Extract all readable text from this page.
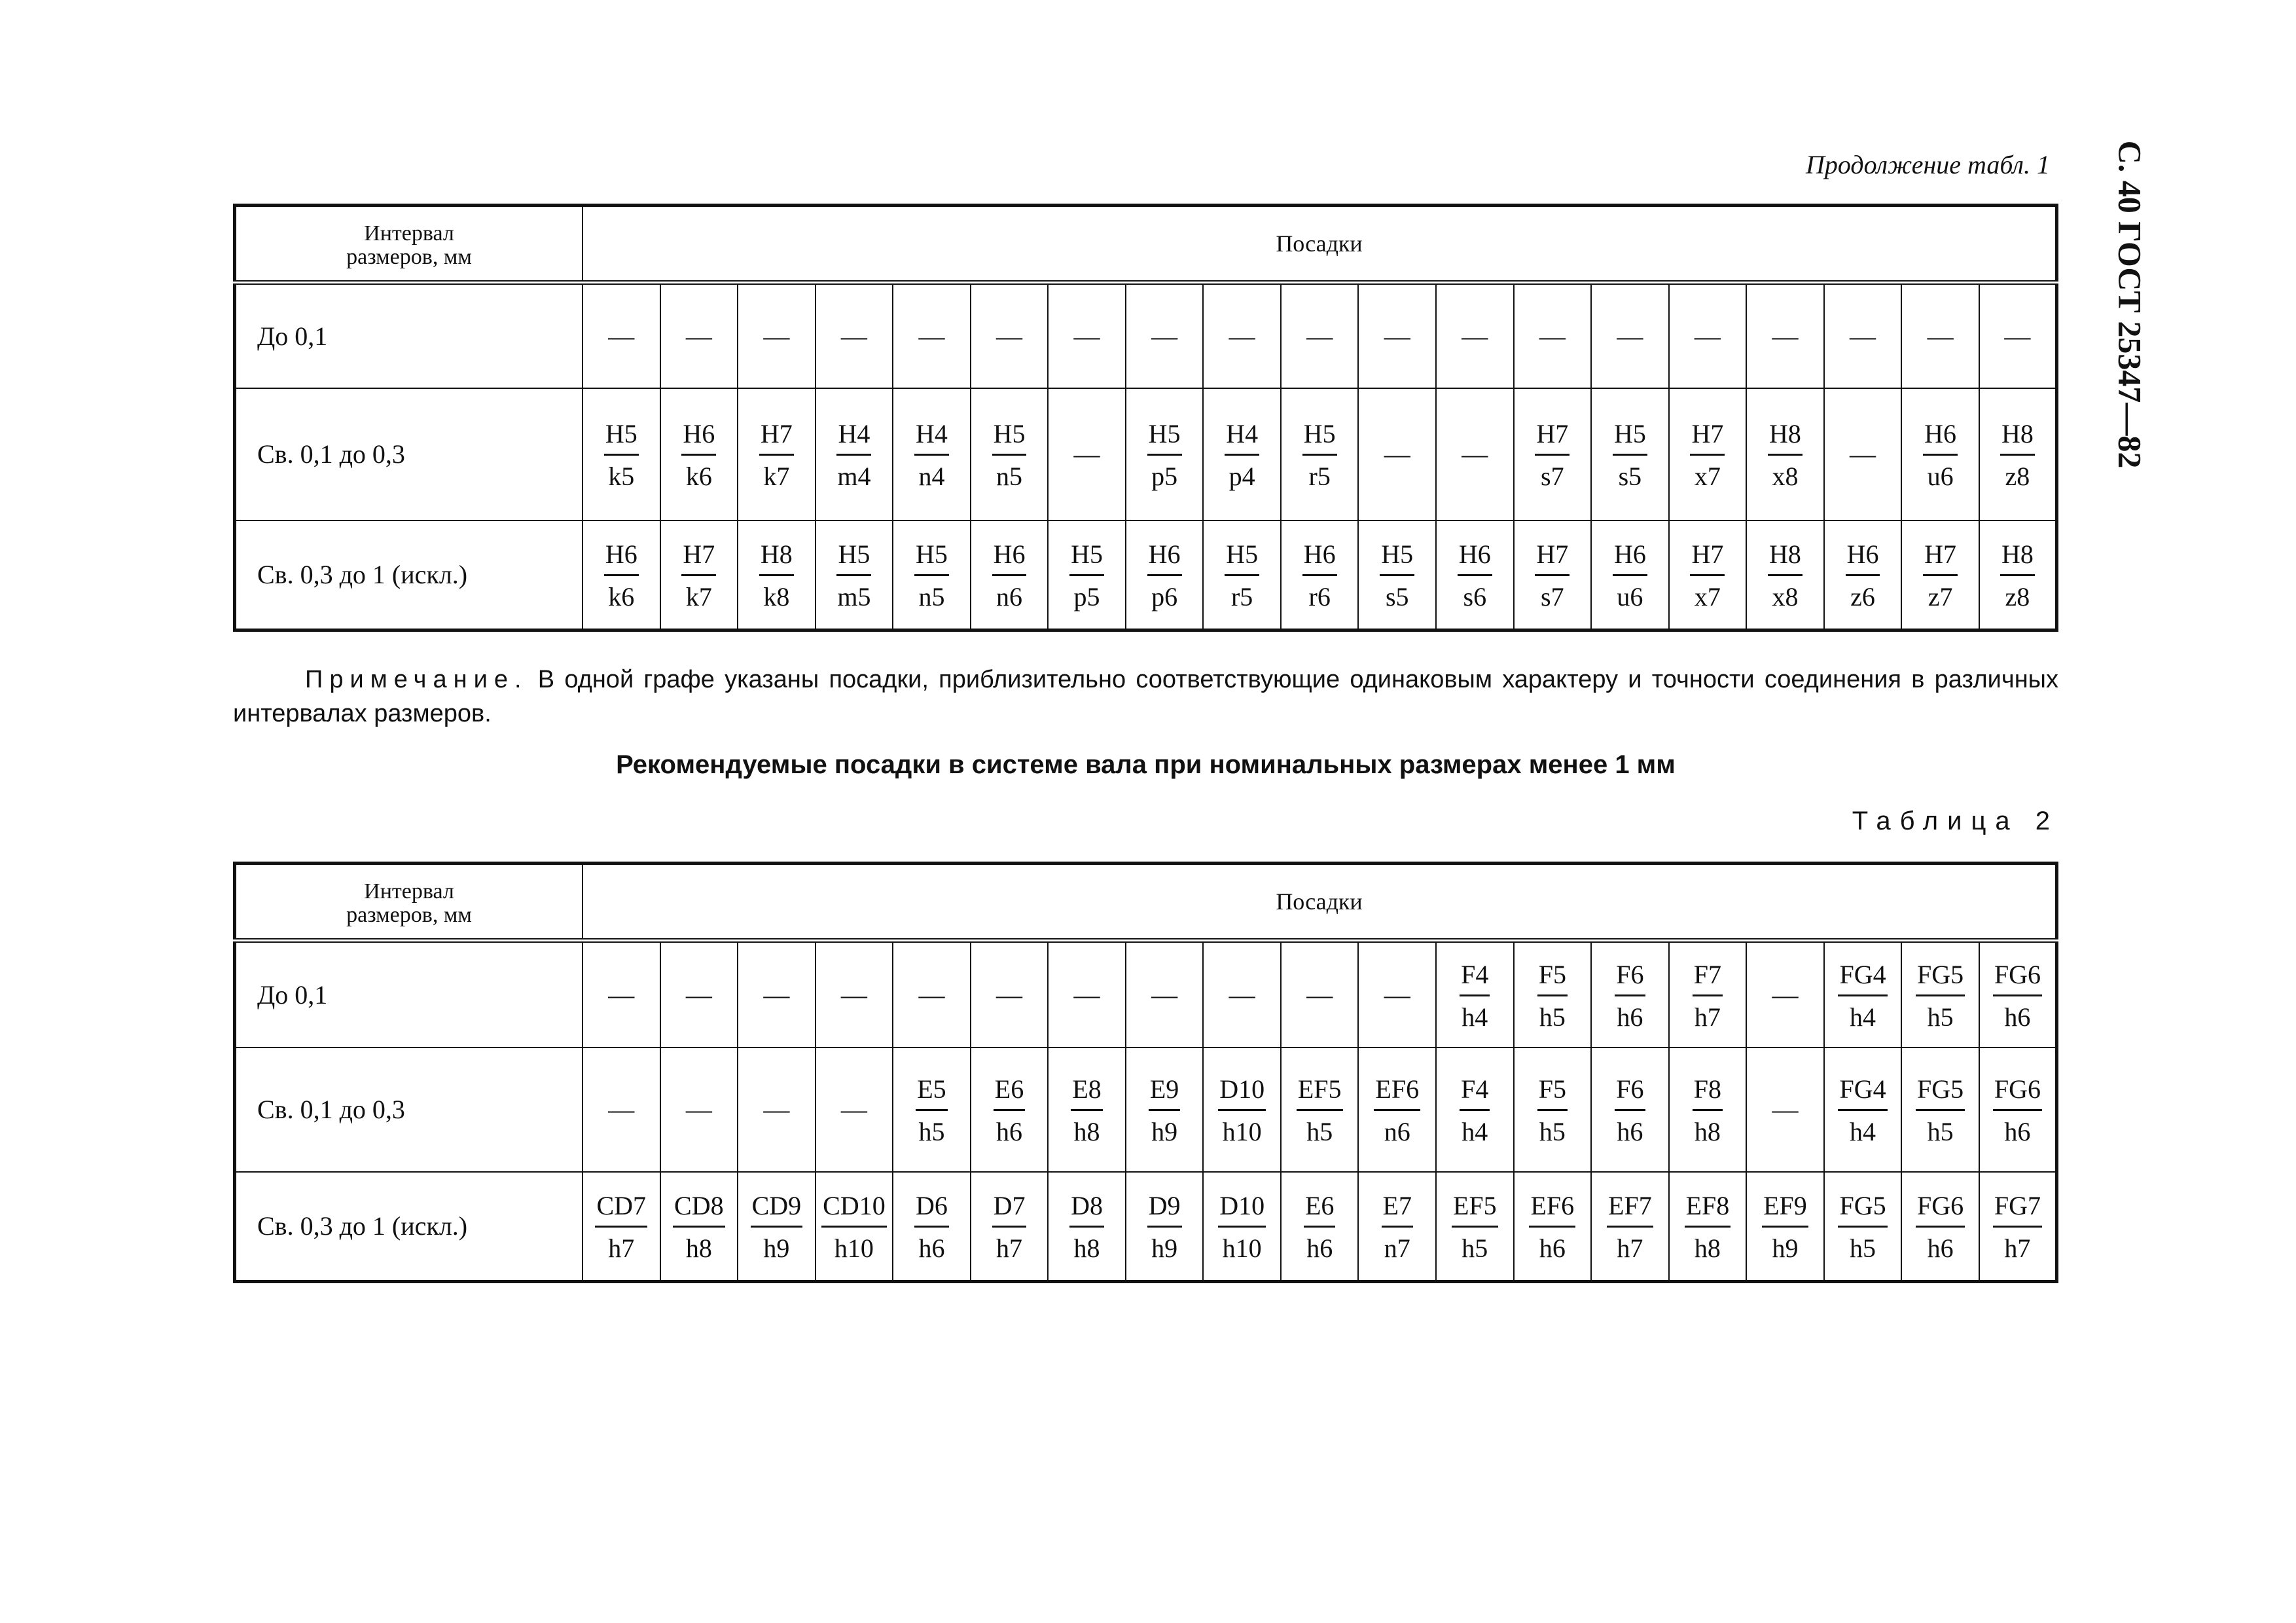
Продолжение табл. 1 С. 40 ГОСТ 25347—82
Интервал
размеров, мм	Посадки																		
До 0,1	—	—	—	—	—	—	—	—	—	—	—	—	—	—	—	—	—	—	—
Св. 0,1 до 0,3	$\frac{H5}{k5}$	$\frac{H6}{k6}$	$\frac{H7}{k7}$	$\frac{H4}{m4}$	$\frac{H4}{n4}$	$\frac{H5}{n5}$	—	$\frac{H5}{p5}$	$\frac{H4}{p4}$	$\frac{H5}{r5}$	—	—	$\frac{H7}{s7}$	$\frac{H5}{s5}$	$\frac{H7}{x7}$	$\frac{H8}{x8}$	—	$\frac{H6}{u6}$	$\frac{H8}{z8}$

Св. 0,3 до 1 (искл.)	$\frac{H6}{k6}$	$\frac{H7}{k7}$	$\frac{H8}{k8}$	$\frac{H5}{m5}$	$\frac{H5}{n5}$	$\frac{H6}{n6}$	$\frac{H5}{p5}$	$\frac{H6}{p6}$	$\frac{H5}{r5}$	$\frac{H6}{r6}$	$\frac{H5}{s5}$	$\frac{H6}{s6}$	$\frac{H7}{s7}$	$\frac{H6}{u6}$	$\frac{H7}{x7}$	$\frac{H8}{x8}$	$\frac{H6}{z6}$	$\frac{H7}{z7}$	$\frac{H8}{z8}$
Примечание. В одной графе указаны посадки, приблизительно соответствующие одинаковым характеру и точности соединения в различных интервалах размеров.
Рекомендуемые посадки в системе вала при номинальных размерах менее 1 мм
Таблица 2
Интервал
размеров, мм	Посадки																		
До 0,1	—	—	—	—	—	—	—	—	—	—	—	$\frac{F4}{h4}$	$\frac{F5}{h5}$	$\frac{F6}{h6}$	$\frac{F7}{h7}$	—	$\frac{FG4}{h4}$	$\frac{FG5}{h5}$	$\frac{FG6}{h6}$

Св. 0,1 до 0,3	—	—	—	—	$\frac{E5}{h5}$	$\frac{E6}{h6}$	$\frac{E8}{h8}$	$\frac{E9}{h9}$	$\frac{D10}{h10}$	$\frac{EF5}{h5}$	$\frac{EF6}{n6}$	$\frac{F4}{h4}$	$\frac{F5}{h5}$	$\frac{F6}{h6}$	$\frac{F8}{h8}$	—	$\frac{FG4}{h4}$	$\frac{FG5}{h5}$	$\frac{FG6}{h6}$

Св. 0,3 до 1 (искл.)	$\frac{CD7}{h7}$	$\frac{CD8}{h8}$	$\frac{CD9}{h9}$	$\frac{CD10}{h10}$	$\frac{D6}{h6}$	$\frac{D7}{h7}$	$\frac{D8}{h8}$	$\frac{D9}{h9}$	$\frac{D10}{h10}$	$\frac{E6}{h6}$	$\frac{E7}{n7}$	$\frac{EF5}{h5}$	$\frac{EF6}{h6}$	$\frac{EF7}{h7}$	$\frac{EF8}{h8}$	$\frac{EF9}{h9}$	$\frac{FG5}{h5}$	$\frac{FG6}{h6}$	$\frac{FG7}{h7}$
